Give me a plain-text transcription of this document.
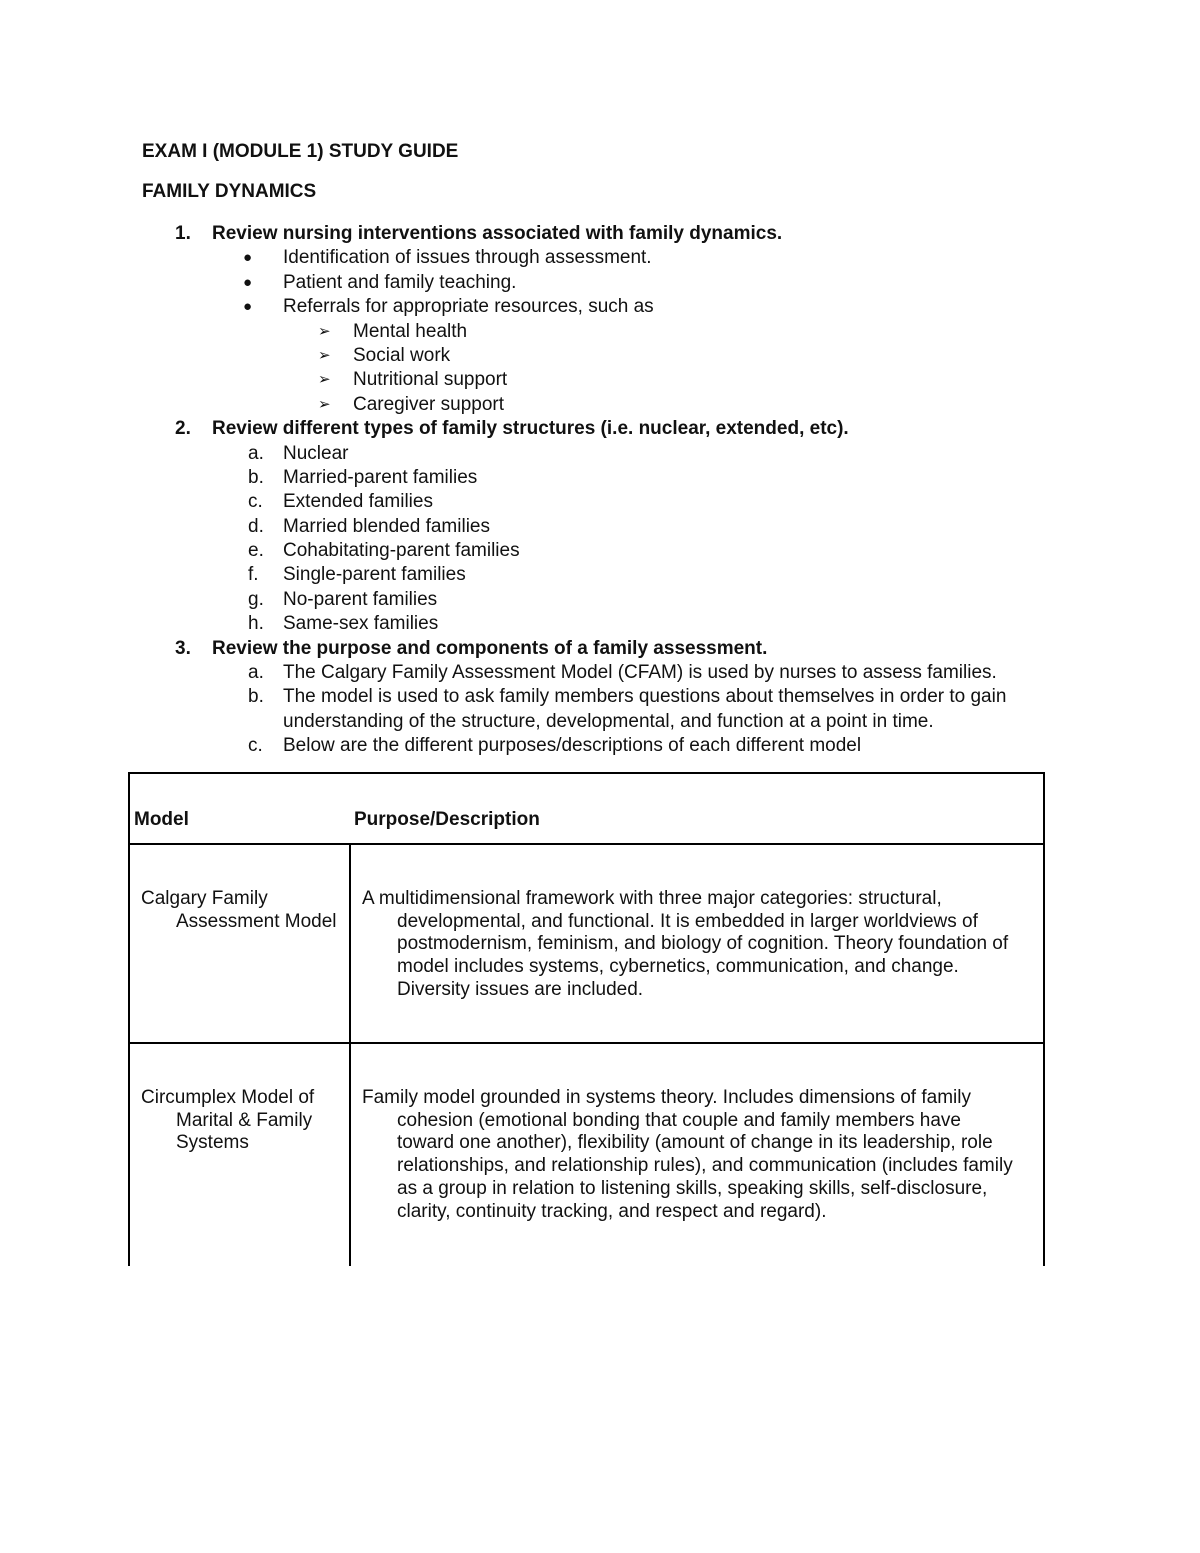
EXAM I (MODULE 1) STUDY GUIDE
FAMILY DYNAMICS
1. Review nursing interventions associated with family dynamics.
● Identification of issues through assessment.
● Patient and family teaching.
● Referrals for appropriate resources, such as
➢ Mental health
➢ Social work
➢ Nutritional support
➢ Caregiver support
2. Review different types of family structures (i.e. nuclear, extended, etc).
a. Nuclear
b. Married-parent families
c. Extended families
d. Married blended families
e. Cohabitating-parent families
f. Single-parent families
g. No-parent families
h. Same-sex families
3. Review the purpose and components of a family assessment.
a. The Calgary Family Assessment Model (CFAM) is used by nurses to assess families.
b. The model is used to ask family members questions about themselves in order to gain
understanding of the structure, developmental, and function at a point in time.
c. Below are the different purposes/descriptions of each different model
Model	Purpose/Description
Calgary Family
Assessment Model
A multidimensional framework with three major categories: structural,
developmental, and functional. It is embedded in larger worldviews of
postmodernism, feminism, and biology of cognition. Theory foundation of
model includes systems, cybernetics, communication, and change.
Diversity issues are included.
Circumplex Model of
Marital & Family
Systems
Family model grounded in systems theory. Includes dimensions of family
cohesion (emotional bonding that couple and family members have
toward one another), flexibility (amount of change in its leadership, role
relationships, and relationship rules), and communication (includes family
as a group in relation to listening skills, speaking skills, self-disclosure,
clarity, continuity tracking, and respect and regard).
